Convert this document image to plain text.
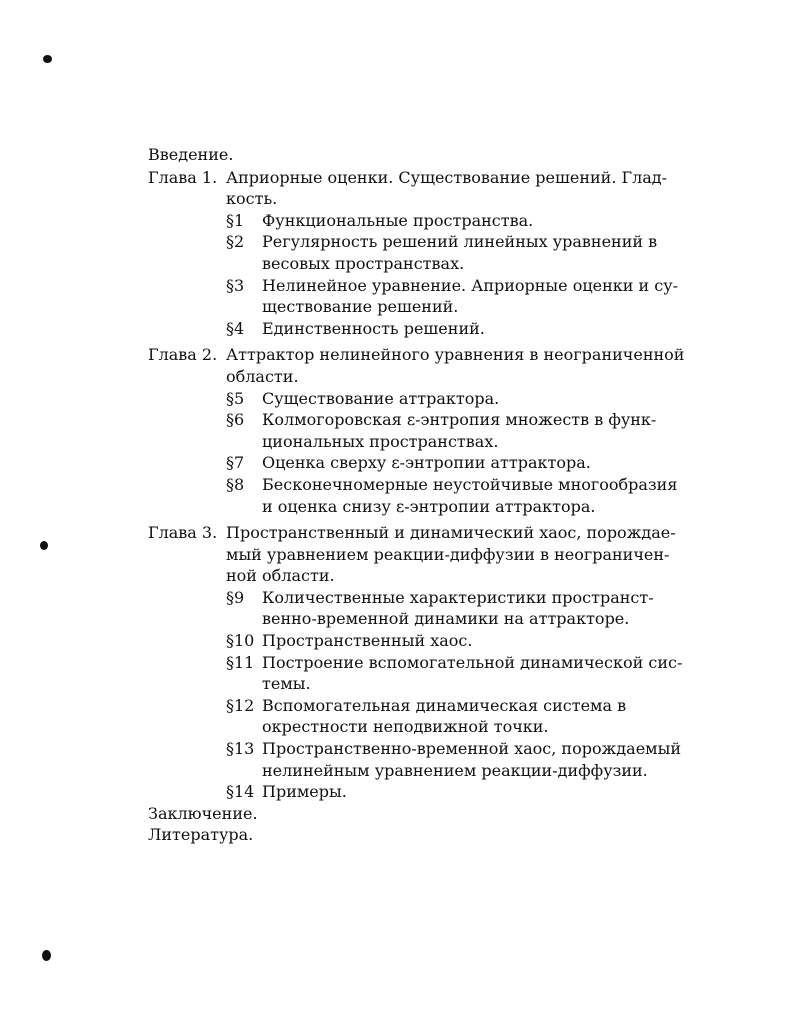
Введение.
Глава 1. Априорные оценки. Существование решений. Глад-
кость.
§1	Функциональные пространства.
§2	Регулярность решений линейных уравнений в
весовых пространствах.
§3	Нелинейное уравнение. Априорные оценки и су-
ществование решений.
§4	Единственность решений.
Глава 2. Аттрактор нелинейного уравнения в неограниченной
области.
§5	Существование аттрактора.
§6	Колмогоровская ε-энтропия множеств в функ-
циональных пространствах.
§7	Оценка сверху ε-энтропии аттрактора.
§8	Бесконечномерные неустойчивые многообразия
и оценка снизу ε-энтропии аттрактора.
Глава 3. Пространственный и динамический хаос, порождае-
мый уравнением реакции-диффузии в неограничен-
ной области.
§9	Количественные характеристики пространст-
венно-временной динамики на аттракторе.
§10 Пространственный хаос.
§11 Построение вспомогательной динамической сис-
темы.
§12 Вспомогательная динамическая система в
окрестности неподвижной точки.
§13 Пространственно-временной хаос, порождаемый
нелинейным уравнением реакции-диффузии.
§14 Примеры.
Заключение.
Литература.
